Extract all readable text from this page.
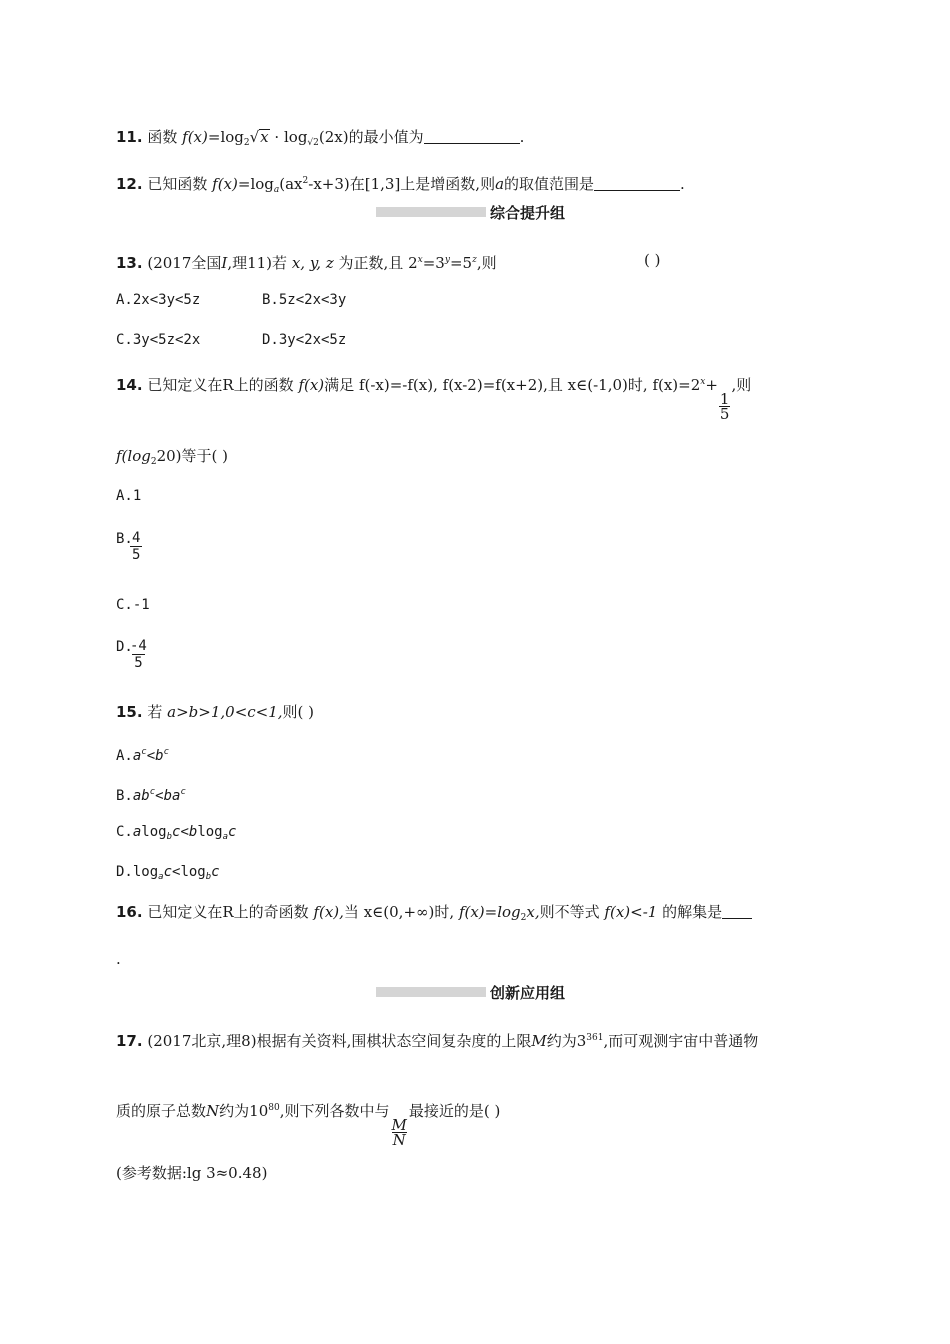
11. 函数 $f(x)=\log_2√x \cdot \log_{√2}(2x)$的最小值为	.
12. 已知函数 $f(x)=\log_a(ax^2-x+3)$在[1,3]上是增函数,则a的取值范围是	.
综合提升组
13. (2017全国Ⅰ,理11)若 x, y, z 为正数,且 $2^x=3^y=5^z$,则	( )
A.2x<3y<5z	B.5z<2x<3y
C.3y<5z<2x	D.3y<2x<5z
14. 已知定义在R上的函数 f(x)满足 f(-x)=-f(x), f(x-2)=f(x+2),且 x∈(-1,0)时, $f(x)=2^x+$
$\frac{1}{5}$
,则
$f(\log_220)$等于( )
A.1
B.
$\frac{4}{5}$
C.-1
D.
$\frac{-4}{5}$
15. 若 a>b>1,0<c<1,则( )
$A.a^c<b^c$
$B.ab^c<ba^c$
C.alog$_b$c<blog$_a$c
$D.\log_ac<\log_bc$
16. 已知定义在R上的奇函数 f(x),当 x∈(0,+∞)时, $f(x)=\log_2x$,则不等式 f(x)<-1 的解集是
.
创新应用组
17. (2017北京,理8)根据有关资料,围棋状态空间复杂度的上限M约为$3^{361}$,而可观测宇宙中普通物
质的原子总数N约为$10^{80}$,则下列各数中与
$\frac{M}{N}$
最接近的是( )
(参考数据:lg 3≈0.48)
